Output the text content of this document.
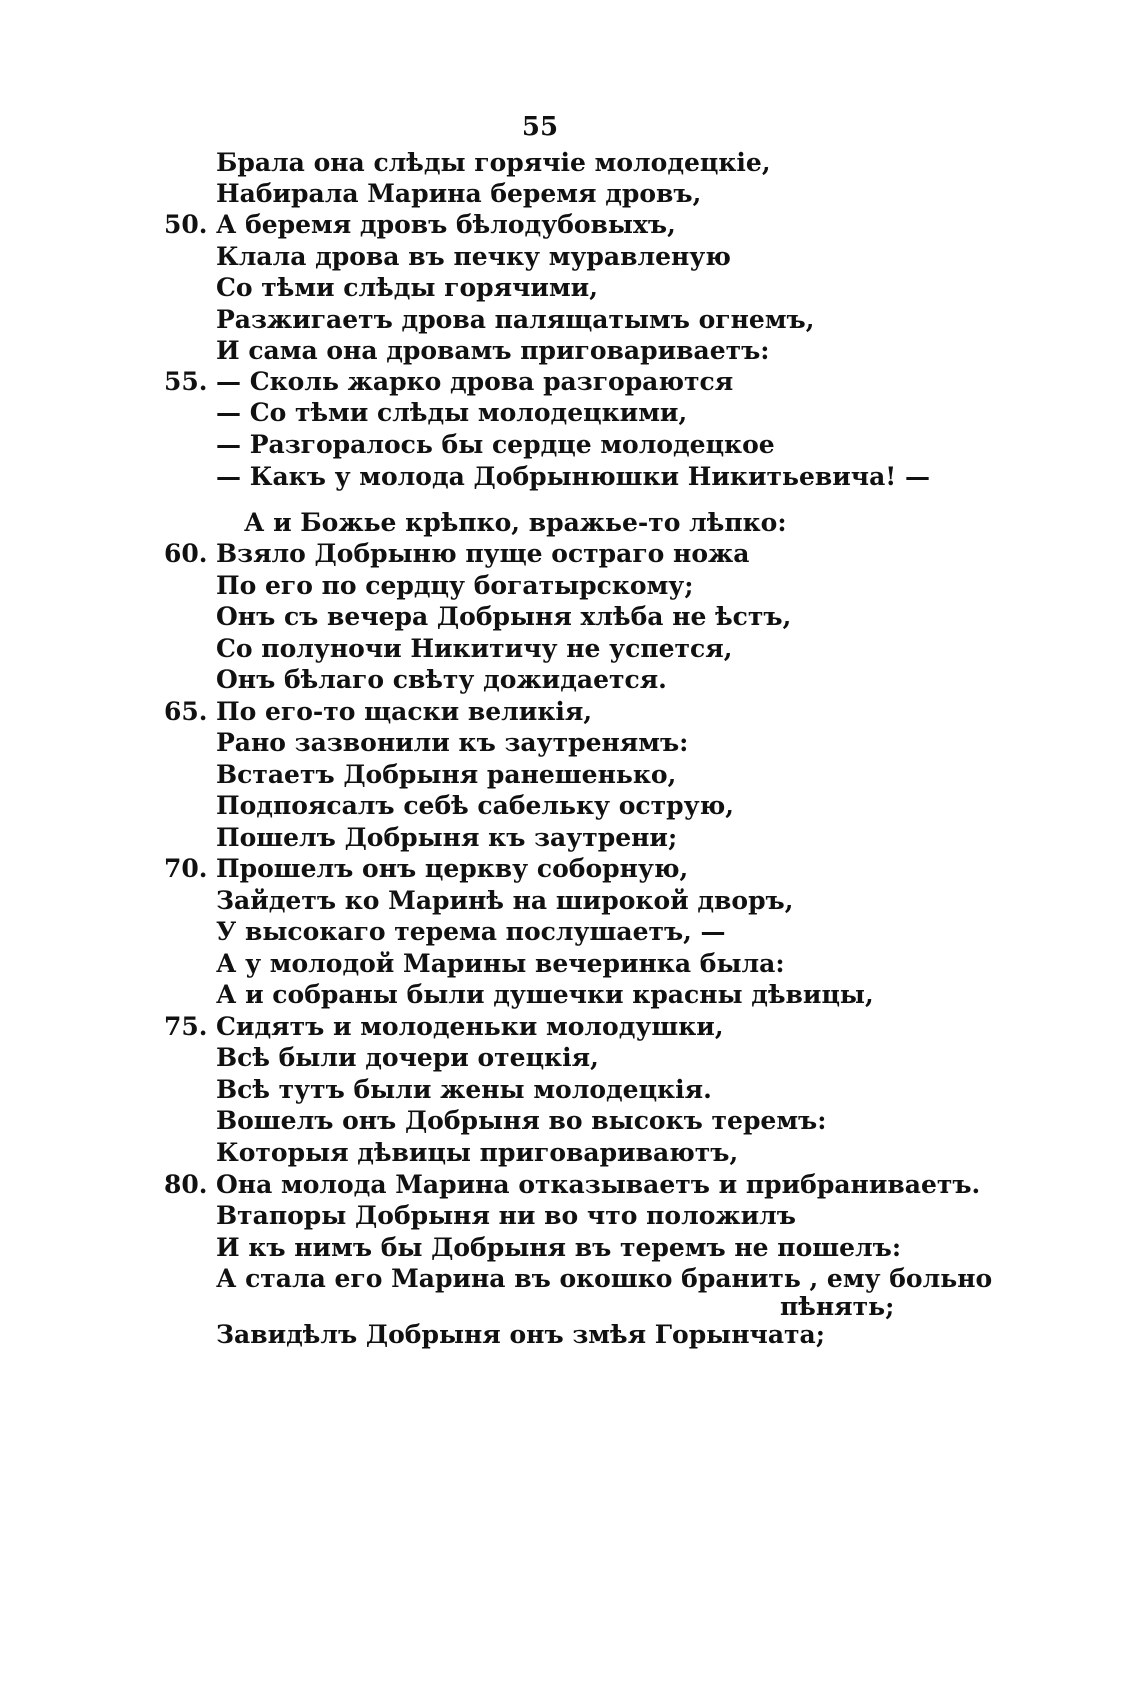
55
Брала она слѣды горячіе молодецкіе,
Набирала Марина беремя дровъ,
50. А беремя дровъ бѣлодубовыхъ,
Клала дрова въ печку муравленую
Со тѣми слѣды горячими,
Разжигаетъ дрова палящатымъ огнемъ,
И сама она дровамъ приговариваетъ:
55. — Сколь жарко дрова разгораются
— Со тѣми слѣды молодецкими,
— Разгоралось бы сердце молодецкое
— Какъ у молода Добрынюшки Никитьевича! —
А и Божье крѣпко, вражье-то лѣпко:
60. Взяло Добрыню пуще остраго ножа
По его по сердцу богатырскому;
Онъ съ вечера Добрыня хлѣба не ѣстъ,
Со полуночи Никитичу не успется,
Онъ бѣлаго свѣту дожидается.
65. По его-то щаски великія,
Рано зазвонили къ заутренямъ:
Встаетъ Добрыня ранешенько,
Подпоясалъ себѣ сабельку острую,
Пошелъ Добрыня къ заутрени;
70. Прошелъ онъ церкву соборную,
Зайдетъ ко Маринѣ на широкой дворъ,
У высокаго терема послушаетъ, —
А у молодой Марины вечеринка была:
А и собраны были душечки красны дѣвицы,
75. Сидятъ и молоденьки молодушки,
Всѣ были дочери отецкія,
Всѣ тутъ были жены молодецкія.
Вошелъ онъ Добрыня во высокъ теремъ:
Которыя дѣвицы приговариваютъ,
80. Она молода Марина отказываетъ и прибраниваетъ.
Втапоры Добрыня ни во что положилъ
И къ нимъ бы Добрыня въ теремъ не пошелъ:
А стала его Марина въ окошко бранить , ему больно
пѣнять;
Завидѣлъ Добрыня онъ змѣя Горынчата;
